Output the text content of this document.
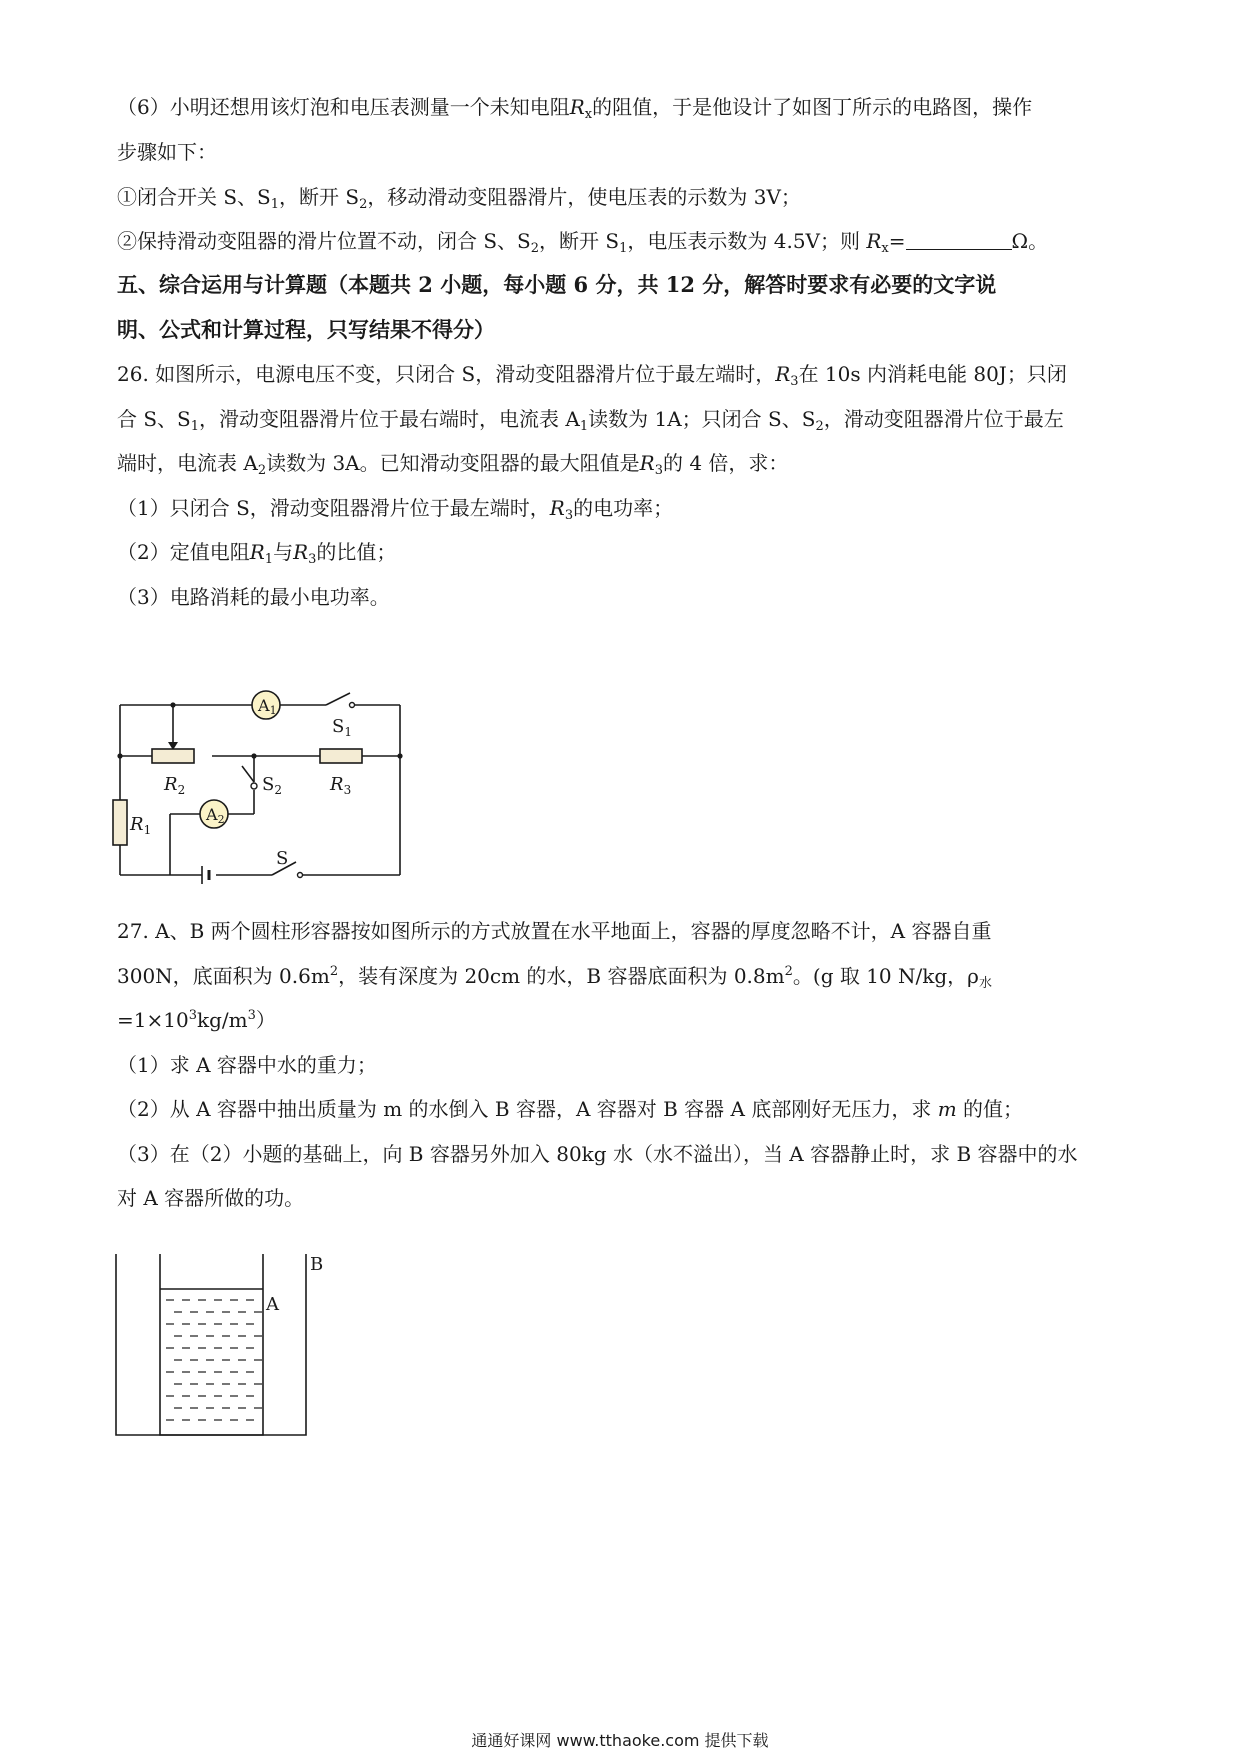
（6）小明还想用该灯泡和电压表测量一个未知电阻$R_x$的阻值，于是他设计了如图丁所示的电路图，操作
步骤如下：
①闭合开关 S、$S_1$，断开 $S_2$，移动滑动变阻器滑片，使电压表的示数为 3V；
②保持滑动变阻器的滑片位置不动，闭合 S、$S_2$，断开 $S_1$，电压表示数为 4.5V；则 $R_x=$	Ω。
五、综合运用与计算题（本题共 2 小题，每小题 6 分，共 12 分，解答时要求有必要的文字说
明、公式和计算过程，只写结果不得分）
26. 如图所示，电源电压不变，只闭合 S，滑动变阻器滑片位于最左端时，$R_3$在 10s 内消耗电能 80J；只闭
合 S、$S_1$，滑动变阻器滑片位于最右端时，电流表 $A_1$读数为 1A；只闭合 S、$S_2$，滑动变阻器滑片位于最左
端时，电流表 $A_2$读数为 3A。已知滑动变阻器的最大阻值是$R_3$的 4 倍，求：
（1）只闭合 S，滑动变阻器滑片位于最左端时，$R_3$的电功率；
（2）定值电阻$R_1$与$R_3$的比值；
（3）电路消耗的最小电功率。
A1
A2
$S_1$
$S_2$
S
$R_2$	$R_3$
$R_1$
27. A、B 两个圆柱形容器按如图所示的方式放置在水平地面上，容器的厚度忽略不计，A 容器自重
300N，底面积为 $0.6m^2$，装有深度为 20cm 的水，B 容器底面积为 $0.8m^2$。(g 取 10 N/kg，$\rho_水$
$=1\times 10^3kg/m^3$）
（1）求 A 容器中水的重力；
（2）从 A 容器中抽出质量为 m 的水倒入 B 容器，A 容器对 B 容器 A 底部刚好无压力，求 m 的值；
（3）在（2）小题的基础上，向 B 容器另外加入 80kg 水（水不溢出），当 A 容器静止时，求 B 容器中的水
对 A 容器所做的功。
A
B
通通好课网 www.tthaoke.com 提供下载
